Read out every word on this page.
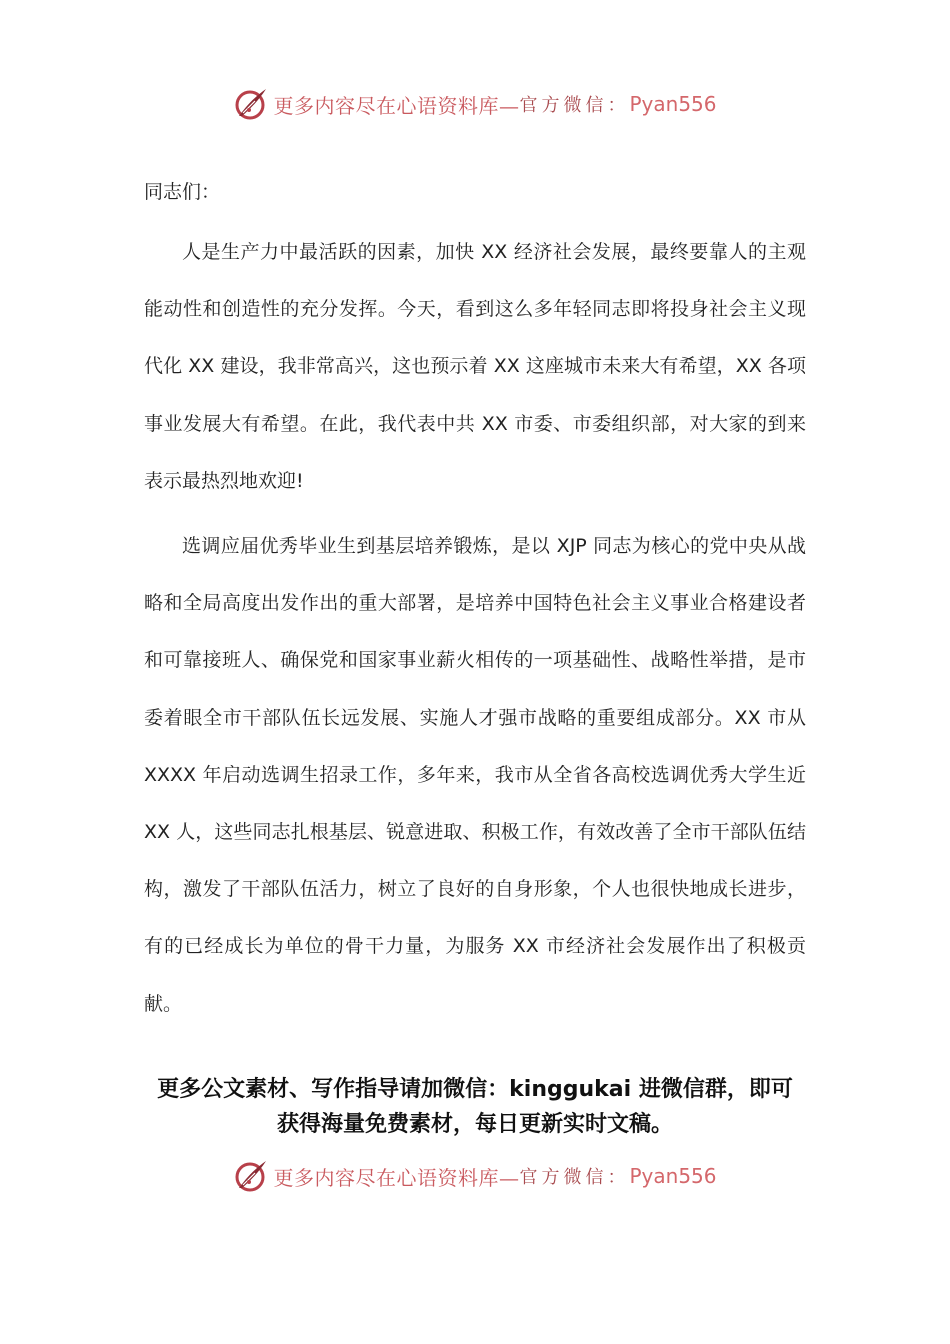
更多内容尽在心语资料库— 官方微信： Pyan556
同志们：

人是生产力中最活跃的因素，加快 XX 经济社会发展，最终要靠人的主观能动性和创造性的充分发挥。今天，看到这么多年轻同志即将投身社会主义现代化 XX 建设，我非常高兴，这也预示着 XX 这座城市未来大有希望，XX 各项事业发展大有希望。在此，我代表中共 XX 市委、市委组织部，对大家的到来表示最热烈地欢迎!

选调应届优秀毕业生到基层培养锻炼，是以 XJP 同志为核心的党中央从战略和全局高度出发作出的重大部署，是培养中国特色社会主义事业合格建设者和可靠接班人、确保党和国家事业薪火相传的一项基础性、战略性举措，是市委着眼全市干部队伍长远发展、实施人才强市战略的重要组成部分。XX 市从 XXXX 年启动选调生招录工作，多年来，我市从全省各高校选调优秀大学生近 XX 人，这些同志扎根基层、锐意进取、积极工作，有效改善了全市干部队伍结构，激发了干部队伍活力，树立了良好的自身形象，个人也很快地成长进步，有的已经成长为单位的骨干力量，为服务 XX 市经济社会发展作出了积极贡献。

更多公文素材、写作指导请加微信：kinggukai 进微信群，即可
获得海量免费素材，每日更新实时文稿。
更多内容尽在心语资料库— 官方微信： Pyan556
